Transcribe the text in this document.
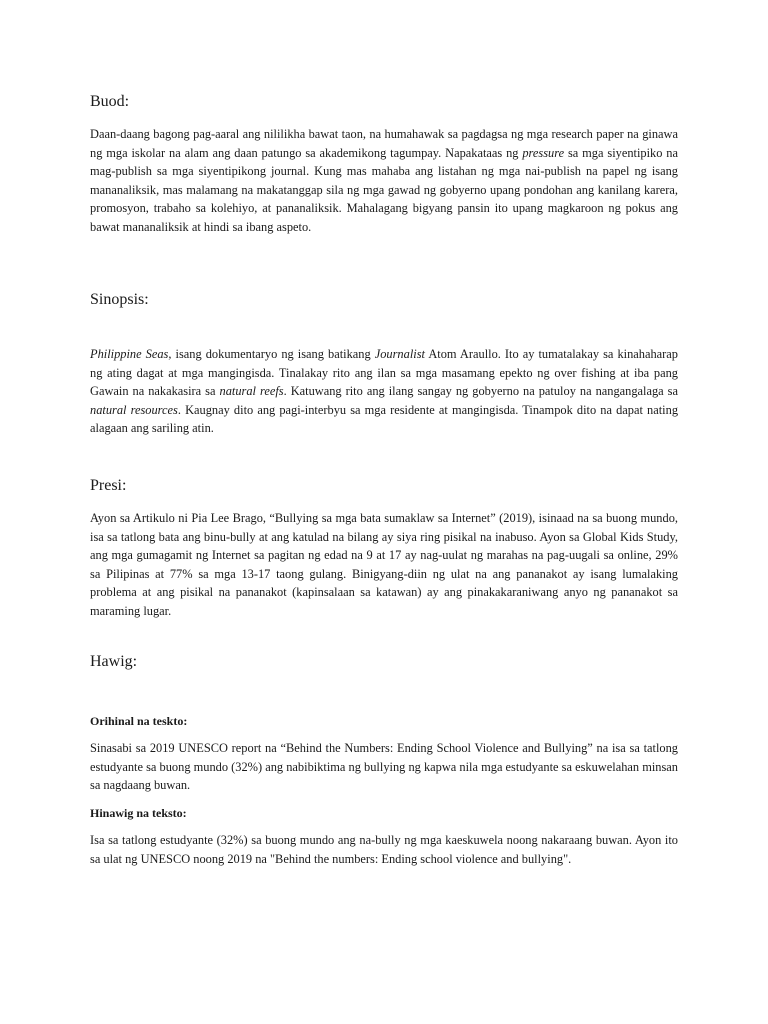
Buod:

Daan-daang bagong pag-aaral ang nililikha bawat taon, na humahawak sa pagdagsa ng mga research paper na ginawa ng mga iskolar na alam ang daan patungo sa akademikong tagumpay. Napakataas ng pressure sa mga siyentipiko na mag-publish sa mga siyentipikong journal. Kung mas mahaba ang listahan ng mga nai-publish na papel ng isang mananaliksik, mas malamang na makatanggap sila ng mga gawad ng gobyerno upang pondohan ang kanilang karera, promosyon, trabaho sa kolehiyo, at pananaliksik. Mahalagang bigyang pansin ito upang magkaroon ng pokus ang bawat mananaliksik at hindi sa ibang aspeto.

Sinopsis:

Philippine Seas, isang dokumentaryo ng isang batikang Journalist Atom Araullo. Ito ay tumatalakay sa kinahaharap ng ating dagat at mga mangingisda. Tinalakay rito ang ilan sa mga masamang epekto ng over fishing at iba pang Gawain na nakakasira sa natural reefs. Katuwang rito ang ilang sangay ng gobyerno na patuloy na nangangalaga sa natural resources. Kaugnay dito ang pagi-interbyu sa mga residente at mangingisda. Tinampok dito na dapat nating alagaan ang sariling atin.

Presi:

Ayon sa Artikulo ni Pia Lee Brago, “Bullying sa mga bata sumaklaw sa Internet” (2019), isinaad na sa buong mundo, isa sa tatlong bata ang binu-bully at ang katulad na bilang ay siya ring pisikal na inabuso. Ayon sa Global Kids Study, ang mga gumagamit ng Internet sa pagitan ng edad na 9 at 17 ay nag-uulat ng marahas na pag-uugali sa online, 29% sa Pilipinas at 77% sa mga 13-17 taong gulang. Binigyang-diin ng ulat na ang pananakot ay isang lumalaking problema at ang pisikal na pananakot (kapinsalaan sa katawan) ay ang pinakakaraniwang anyo ng pananakot sa maraming lugar.

Hawig:
Orihinal na teskto:

Sinasabi sa 2019 UNESCO report na “Behind the Numbers: Ending School Violence and Bullying” na isa sa tatlong estudyante sa buong mundo (32%) ang nabibiktima ng bullying ng kapwa nila mga estudyante sa eskuwelahan minsan sa nagdaang buwan.

Hinawig na teksto:

Isa sa tatlong estudyante (32%) sa buong mundo ang na-bully ng mga kaeskuwela noong nakaraang buwan. Ayon ito sa ulat ng UNESCO noong 2019 na "Behind the numbers: Ending school violence and bullying".
